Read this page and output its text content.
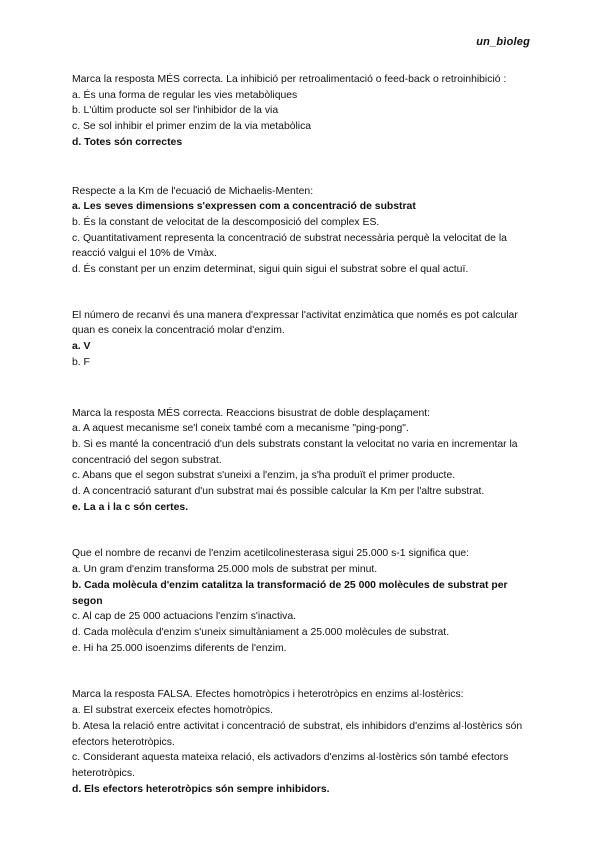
un_bìoleg

Marca la resposta MÉS correcta. La inhibició per retroalimentació o feed-back o retroinhibició :

a. És una forma de regular les vies metabòliques

b. L'últim producte sol ser l'inhibidor de la via

c. Se sol inhibir el primer enzim de la via metabòlica

d. Totes són correctes

Respecte a la Km de l'ecuació de Michaelis-Menten:

a. Les seves dimensions s'expressen com a concentració de substrat

b. És la constant de velocitat de la descomposició del complex ES.

c. Quantitativament representa la concentració de substrat necessària perquè la velocitat de la reacció valgui el 10% de Vmàx.

d. És constant per un enzim determinat, sigui quin sigui el substrat sobre el qual actuï.

El número de recanvi és una manera d'expressar l'activitat enzimàtica que només es pot calcular quan es coneix la concentració molar d'enzim.

a. V

b. F

Marca la resposta MÉS correcta. Reaccions bisustrat de doble desplaçament:

a. A aquest mecanisme se'l coneix també com a mecanisme "ping-pong".

b. Si es manté la concentració d'un dels substrats constant la velocitat no varia en incrementar la concentració del segon substrat.

c. Abans que el segon substrat s'uneixi a l'enzim, ja s'ha produït el primer producte.

d. A concentració saturant d'un substrat mai és possible calcular la Km per l'altre substrat.

e. La a i la c són certes.

Que el nombre de recanvi de l'enzim acetilcolinesterasa sigui 25.000 s-1 significa que:

a. Un gram d'enzim transforma 25.000 mols de substrat per minut.

b. Cada molècula d'enzim catalitza la transformació de 25 000 molècules de substrat per segon

c. Al cap de 25 000 actuacions l'enzim s'inactiva.

d. Cada molècula d'enzim s'uneix simultàniament a 25.000 molècules de substrat.

e. Hi ha 25.000 isoenzims diferents de l'enzim.

Marca la resposta FALSA. Efectes homotròpics i heterotròpics en enzims al·lostèrics:

a. El substrat exerceix efectes homotròpics.

b. Atesa la relació entre activitat i concentració de substrat, els inhibidors d'enzims al·lostèrics són efectors heterotròpics.

c. Considerant aquesta mateixa relació, els activadors d'enzims al·lostèrics són també efectors heterotròpics.

d. Els efectors heterotròpics són sempre inhibidors.
